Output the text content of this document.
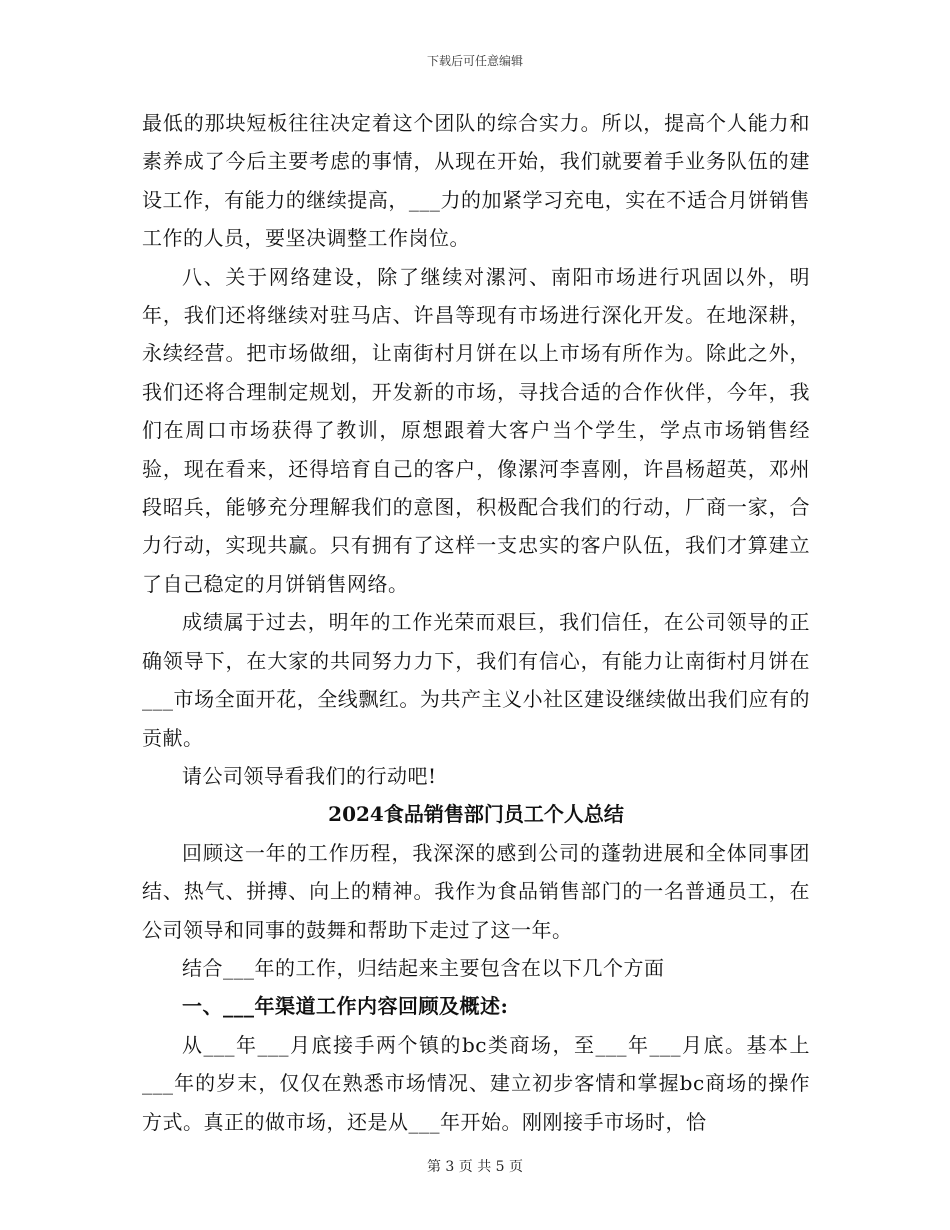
下载后可任意编辑

最低的那块短板往往决定着这个团队的综合实力。所以，提高个人能力和素养成了今后主要考虑的事情，从现在开始，我们就要着手业务队伍的建设工作，有能力的继续提高，___力的加紧学习充电，实在不适合月饼销售工作的人员，要坚决调整工作岗位。

八、关于网络建设，除了继续对漯河、南阳市场进行巩固以外，明年，我们还将继续对驻马店、许昌等现有市场进行深化开发。在地深耕，永续经营。把市场做细，让南街村月饼在以上市场有所作为。除此之外，我们还将合理制定规划，开发新的市场，寻找合适的合作伙伴，今年，我们在周口市场获得了教训，原想跟着大客户当个学生，学点市场销售经验，现在看来，还得培育自己的客户，像漯河李喜刚，许昌杨超英，邓州段昭兵，能够充分理解我们的意图，积极配合我们的行动，厂商一家，合力行动，实现共赢。只有拥有了这样一支忠实的客户队伍，我们才算建立了自己稳定的月饼销售网络。

成绩属于过去，明年的工作光荣而艰巨，我们信任，在公司领导的正确领导下，在大家的共同努力力下，我们有信心，有能力让南街村月饼在___市场全面开花，全线飘红。为共产主义小社区建设继续做出我们应有的贡献。

请公司领导看我们的行动吧!

2024食品销售部门员工个人总结

回顾这一年的工作历程，我深深的感到公司的蓬勃进展和全体同事团结、热气、拼搏、向上的精神。我作为食品销售部门的一名普通员工，在公司领导和同事的鼓舞和帮助下走过了这一年。

结合___年的工作，归结起来主要包含在以下几个方面

一、___年渠道工作内容回顾及概述:

从___年___月底接手两个镇的bc类商场，至___年___月底。基本上___年的岁末，仅仅在熟悉市场情况、建立初步客情和掌握bc商场的操作方式。真正的做市场，还是从___年开始。刚刚接手市场时，恰

第 3 页 共 5 页
